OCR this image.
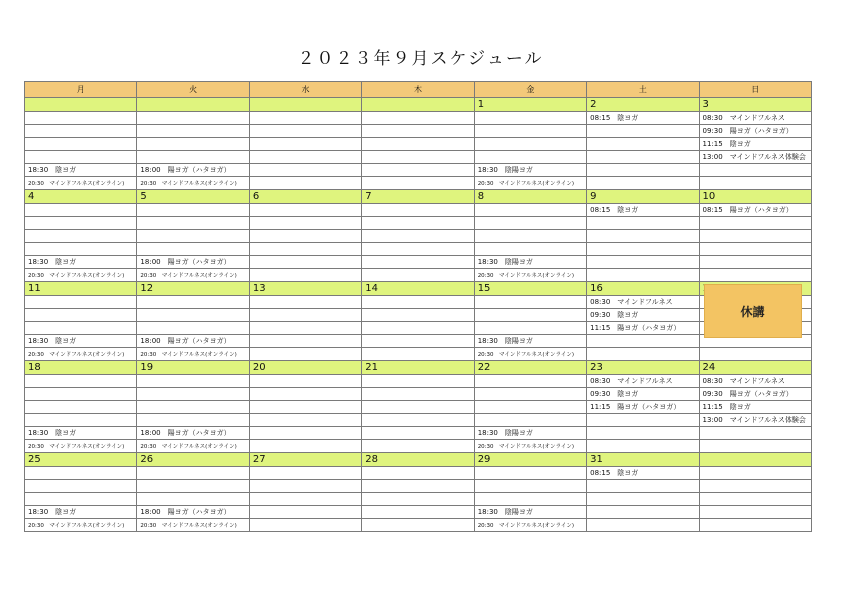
２０２３年９月スケジュール
月	火	水	木	金	土	日
				1	2	3
					08:15　陰ヨガ	08:30　マインドフルネス
						09:30　陽ヨガ（ハタヨガ）
						11:15　陰ヨガ
						13:00　マインドフルネス体験会
18:30　陰ヨガ	18:00　陽ヨガ（ハタヨガ）			18:30　陰陽ヨガ		
20:30　マインドフルネス(オンライン)	20:30　マインドフルネス(オンライン)			20:30　マインドフルネス(オンライン)		
4	5	6	7	8	9	10
					08:15　陰ヨガ	08:15　陽ヨガ（ハタヨガ）

18:30　陰ヨガ	18:00　陽ヨガ（ハタヨガ）			18:30　陰陽ヨガ		
20:30　マインドフルネス(オンライン)	20:30　マインドフルネス(オンライン)			20:30　マインドフルネス(オンライン)		
11	12	13	14	15	16	
					08:30　マインドフルネス	
					09:30　陰ヨガ	
					11:15　陽ヨガ（ハタヨガ）	休講

18:30　陰ヨガ	18:00　陽ヨガ（ハタヨガ）			18:30　陰陽ヨガ		
20:30　マインドフルネス(オンライン)	20:30　マインドフルネス(オンライン)			20:30　マインドフルネス(オンライン)		
18	19	20	21	22	23	24
					08:30　マインドフルネス	08:30　マインドフルネス
					09:30　陰ヨガ	09:30　陽ヨガ（ハタヨガ）
					11:15　陽ヨガ（ハタヨガ）	11:15　陰ヨガ
						13:00　マインドフルネス体験会
18:30　陰ヨガ	18:00　陽ヨガ（ハタヨガ）			18:30　陰陽ヨガ		
20:30　マインドフルネス(オンライン)	20:30　マインドフルネス(オンライン)			20:30　マインドフルネス(オンライン)		
25	26	27	28	29	31	
					08:15　陰ヨガ	

18:30　陰ヨガ	18:00　陽ヨガ（ハタヨガ）			18:30　陰陽ヨガ		
20:30　マインドフルネス(オンライン)	20:30　マインドフルネス(オンライン)			20:30　マインドフルネス(オンライン)		
